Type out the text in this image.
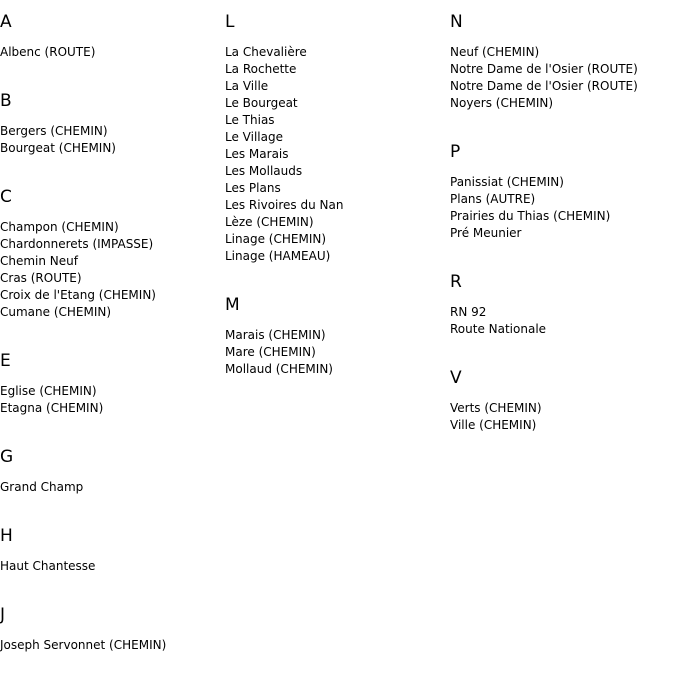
A
Albenc (ROUTE)
B
Bergers (CHEMIN)
Bourgeat (CHEMIN)
C
Champon (CHEMIN)
Chardonnerets (IMPASSE)
Chemin Neuf
Cras (ROUTE)
Croix de l'Etang (CHEMIN)
Cumane (CHEMIN)
E
Eglise (CHEMIN)
Etagna (CHEMIN)
G
Grand Champ
H
Haut Chantesse
J
Joseph Servonnet (CHEMIN)
L
La Chevalière
La Rochette
La Ville
Le Bourgeat
Le Thias
Le Village
Les Marais
Les Mollauds
Les Plans
Les Rivoires du Nan
Lèze (CHEMIN)
Linage (CHEMIN)
Linage (HAMEAU)
M
Marais (CHEMIN)
Mare (CHEMIN)
Mollaud (CHEMIN)
N
Neuf (CHEMIN)
Notre Dame de l'Osier (ROUTE)
Notre Dame de l'Osier (ROUTE)
Noyers (CHEMIN)
P
Panissiat (CHEMIN)
Plans (AUTRE)
Prairies du Thias (CHEMIN)
Pré Meunier
R
RN 92
Route Nationale
V
Verts (CHEMIN)
Ville (CHEMIN)
